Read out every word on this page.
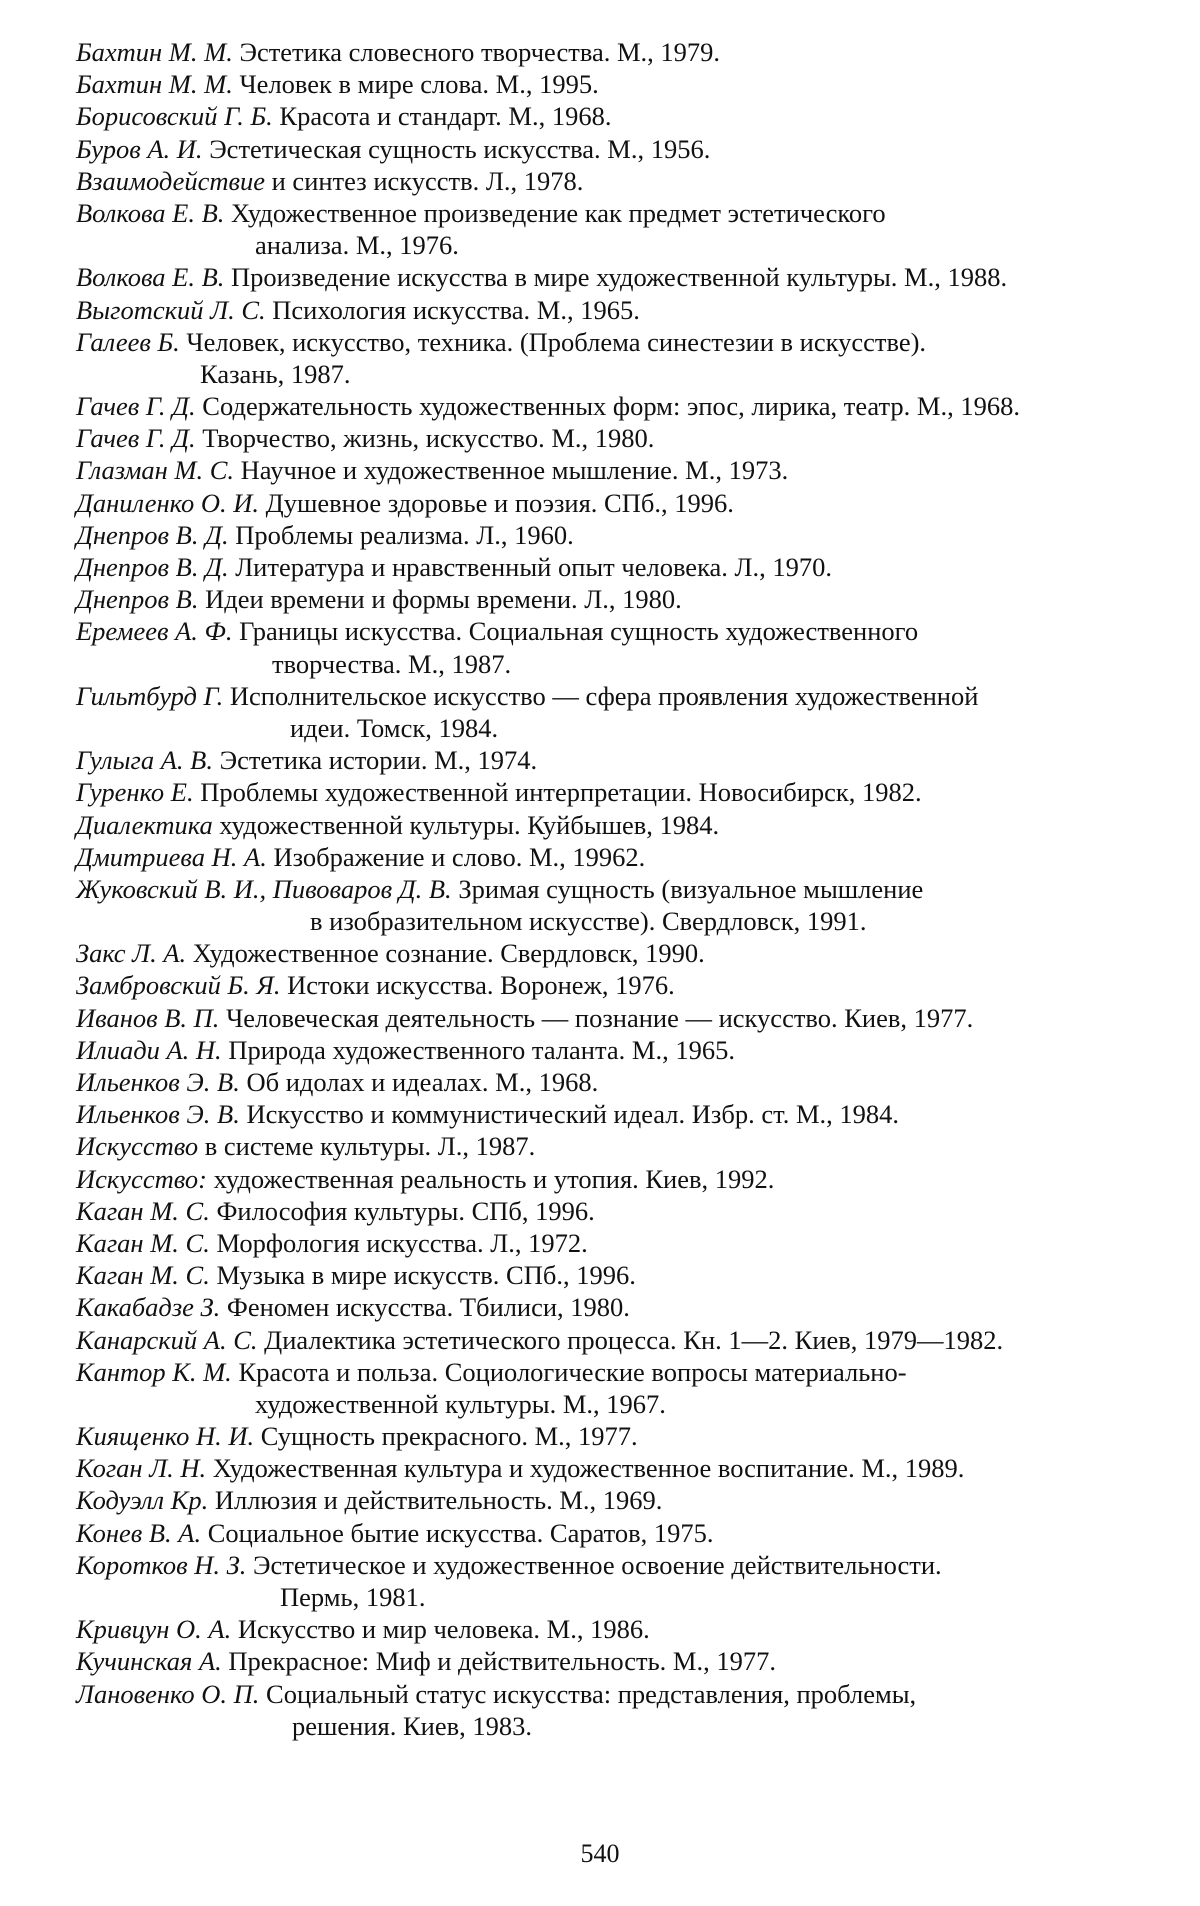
Бахтин М. М. Эстетика словесного творчества. М., 1979.
Бахтин М. М. Человек в мире слова. М., 1995.
Борисовский Г. Б. Красота и стандарт. М., 1968.
Буров А. И. Эстетическая сущность искусства. М., 1956.
Взаимодействие и синтез искусств. Л., 1978.
Волкова Е. В. Художественное произведение как предмет эстетического
анализа. М., 1976.
Волкова Е. В. Произведение искусства в мире художественной культуры. М., 1988.
Выготский Л. С. Психология искусства. М., 1965.
Галеев Б. Человек, искусство, техника. (Проблема синестезии в искусстве).
Казань, 1987.
Гачев Г. Д. Содержательность художественных форм: эпос, лирика, театр. М., 1968.
Гачев Г. Д. Творчество, жизнь, искусство. М., 1980.
Глазман М. С. Научное и художественное мышление. М., 1973.
Даниленко О. И. Душевное здоровье и поэзия. СПб., 1996.
Днепров В. Д. Проблемы реализма. Л., 1960.
Днепров В. Д. Литература и нравственный опыт человека. Л., 1970.
Днепров В. Идеи времени и формы времени. Л., 1980.
Еремеев А. Ф. Границы искусства. Социальная сущность художественного
творчества. М., 1987.
Гильтбурд Г. Исполнительское искусство — сфера проявления художественной
идеи. Томск, 1984.
Гулыга А. В. Эстетика истории. М., 1974.
Гуренко Е. Проблемы художественной интерпретации. Новосибирск, 1982.
Диалектика художественной культуры. Куйбышев, 1984.
Дмитриева Н. А. Изображение и слово. М., 19962.
Жуковский В. И., Пивоваров Д. В. Зримая сущность (визуальное мышление
в изобразительном искусстве). Свердловск, 1991.
Закс Л. А. Художественное сознание. Свердловск, 1990.
Замбровский Б. Я. Истоки искусства. Воронеж, 1976.
Иванов В. П. Человеческая деятельность — познание — искусство. Киев, 1977.
Илиади А. Н. Природа художественного таланта. М., 1965.
Ильенков Э. В. Об идолах и идеалах. М., 1968.
Ильенков Э. В. Искусство и коммунистический идеал. Избр. ст. М., 1984.
Искусство в системе культуры. Л., 1987.
Искусство: художественная реальность и утопия. Киев, 1992.
Каган М. С. Философия культуры. СПб, 1996.
Каган М. С. Морфология искусства. Л., 1972.
Каган М. С. Музыка в мире искусств. СПб., 1996.
Какабадзе З. Феномен искусства. Тбилиси, 1980.
Канарский А. С. Диалектика эстетического процесса. Кн. 1—2. Киев, 1979—1982.
Кантор К. М. Красота и польза. Социологические вопросы материально-
художественной культуры. М., 1967.
Киященко Н. И. Сущность прекрасного. М., 1977.
Коган Л. Н. Художественная культура и художественное воспитание. М., 1989.
Кодуэлл Кр. Иллюзия и действительность. М., 1969.
Конев В. А. Социальное бытие искусства. Саратов, 1975.
Коротков Н. З. Эстетическое и художественное освоение действительности.
Пермь, 1981.
Кривцун О. А. Искусство и мир человека. М., 1986.
Кучинская А. Прекрасное: Миф и действительность. М., 1977.
Лановенко О. П. Социальный статус искусства: представления, проблемы,
решения. Киев, 1983.
540
